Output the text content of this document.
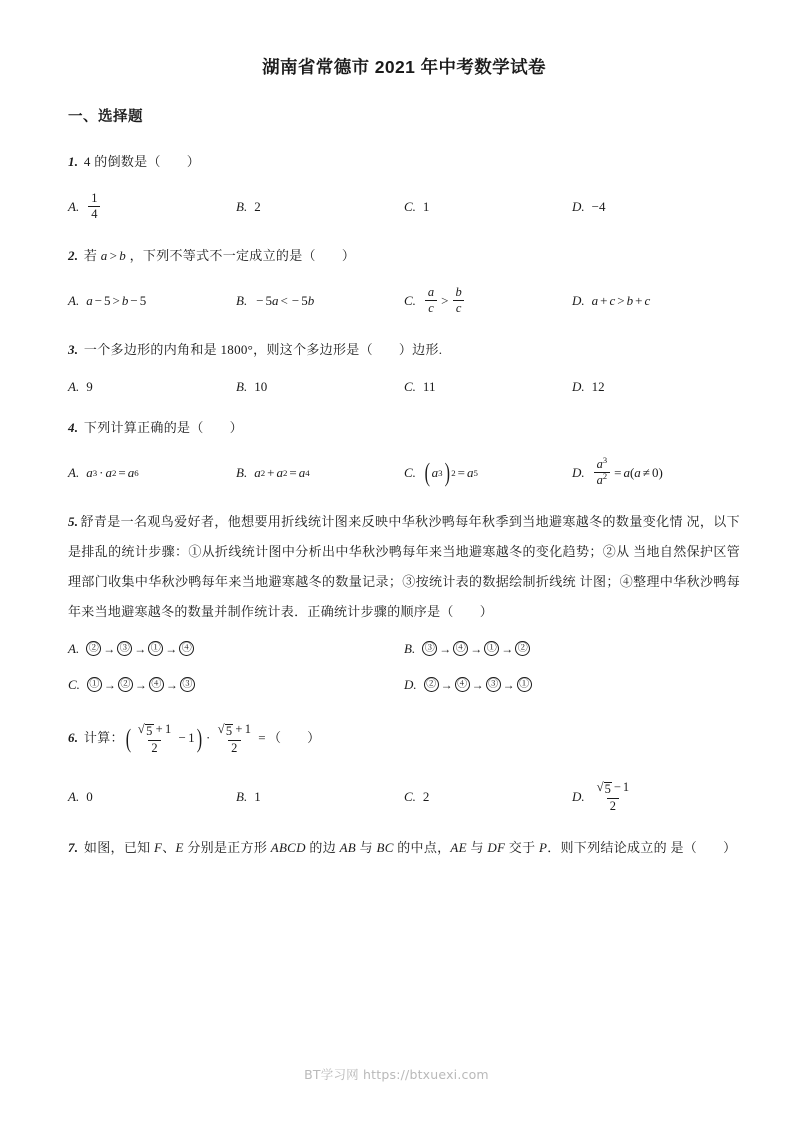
湖南省常德市 2021 年中考数学试卷
一、选择题
1. 4 的倒数是（ ）
A. $\frac{1}{4}$	B. 2	C. 1	D. −4
2. 若 a > b ，下列不等式不一定成立的是（ ）
A. a − 5 > b − 5	B. − 5 a < − 5 b	C. $\frac{a}{c} > \frac{b}{c}$	D. a + c > b + c
3. 一个多边形的内角和是 1800°，则这个多边形是（ ）边形.
A. 9	B. 10	C. 11	D. 12
4. 下列计算正确的是（ ）
A. a 3 · a 2 = a 6	B. a 2 + a 2 = a 4	C. ( a 3 ) 2 = a 5	D. $\frac{a^3}{a^2} = a$ ( a ≠ 0)
5. 舒青是一名观鸟爱好者，他想要用折线统计图来反映中华秋沙鸭每年秋季到当地避寒越冬的数量变化情 况，以下是排乱的统计步骤：①从折线统计图中分析出中华秋沙鸭每年来当地避寒越冬的变化趋势；②从 当地自然保护区管理部门收集中华秋沙鸭每年来当地避寒越冬的数量记录；③按统计表的数据绘制折线统 计图；④整理中华秋沙鸭每年来当地避寒越冬的数量并制作统计表．正确统计步骤的顺序是（ ）
A. ② → ③ → ① → ④	B. ③ → ④ → ① → ②
C. ① → ② → ④ → ③	D. ② → ④ → ③ → ①
6. 计算： ( $\frac{√ 5 + 1}{2} - 1$ ) · $\frac{√ 5 + 1}{2}$ = （ ）
A. 0	B. 1	C. 2	D. $\frac{√ 5 - 1}{2}$
7. 如图，已知 F、E 分别是正方形 ABCD 的边 AB 与 BC 的中点，AE 与 DF 交于 P．则下列结论成立的 是（ ）
BT学习网 https://btxuexi.com
